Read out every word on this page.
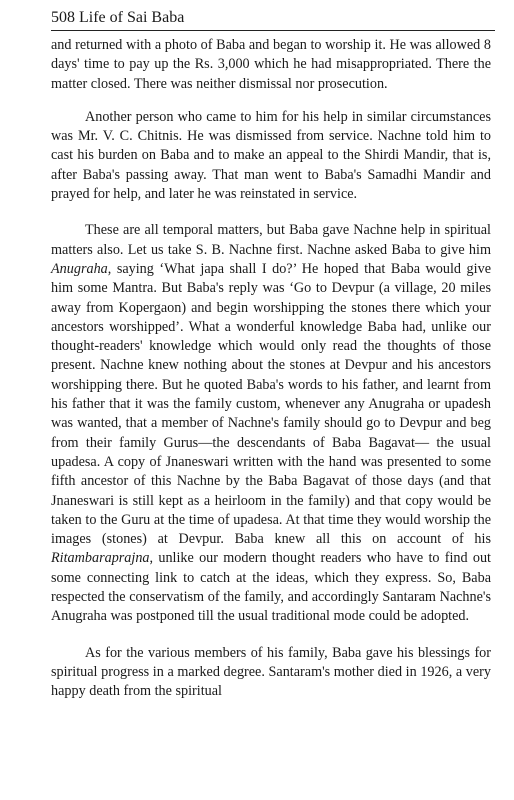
508 Life of Sai Baba

and returned with a photo of Baba and began to worship it. He was allowed 8 days' time to pay up the Rs. 3,000 which he had misappropriated. There the matter closed. There was neither dismissal nor prosecution.

Another person who came to him for his help in similar circumstances was Mr. V. C. Chitnis. He was dismissed from service. Nachne told him to cast his burden on Baba and to make an appeal to the Shirdi Mandir, that is, after Baba's passing away. That man went to Baba's Samadhi Mandir and prayed for help, and later he was reinstated in service.

These are all temporal matters, but Baba gave Nachne help in spiritual matters also. Let us take S. B. Nachne first. Nachne asked Baba to give him Anugraha, saying ‘What japa shall I do?’ He hoped that Baba would give him some Mantra. But Baba's reply was ‘Go to Devpur (a village, 20 miles away from Kopergaon) and begin worshipping the stones there which your ancestors worshipped’. What a wonderful knowledge Baba had, unlike our thought-readers' knowledge which would only read the thoughts of those present. Nachne knew nothing about the stones at Devpur and his ancestors worshipping there. But he quoted Baba's words to his father, and learnt from his father that it was the family custom, whenever any Anugraha or upadesh was wanted, that a member of Nachne's family should go to Devpur and beg from their family Gurus—the descendants of Baba Bagavat— the usual upadesa. A copy of Jnaneswari written with the hand was presented to some fifth ancestor of this Nachne by the Baba Bagavat of those days (and that Jnaneswari is still kept as a heirloom in the family) and that copy would be taken to the Guru at the time of upadesa. At that time they would worship the images (stones) at Devpur. Baba knew all this on account of his Ritambaraprajna, unlike our modern thought readers who have to find out some connecting link to catch at the ideas, which they express. So, Baba respected the conservatism of the family, and accordingly Santaram Nachne's Anugraha was postponed till the usual traditional mode could be adopted.

As for the various members of his family, Baba gave his blessings for spiritual progress in a marked degree. Santaram's mother died in 1926, a very happy death from the spiritual
